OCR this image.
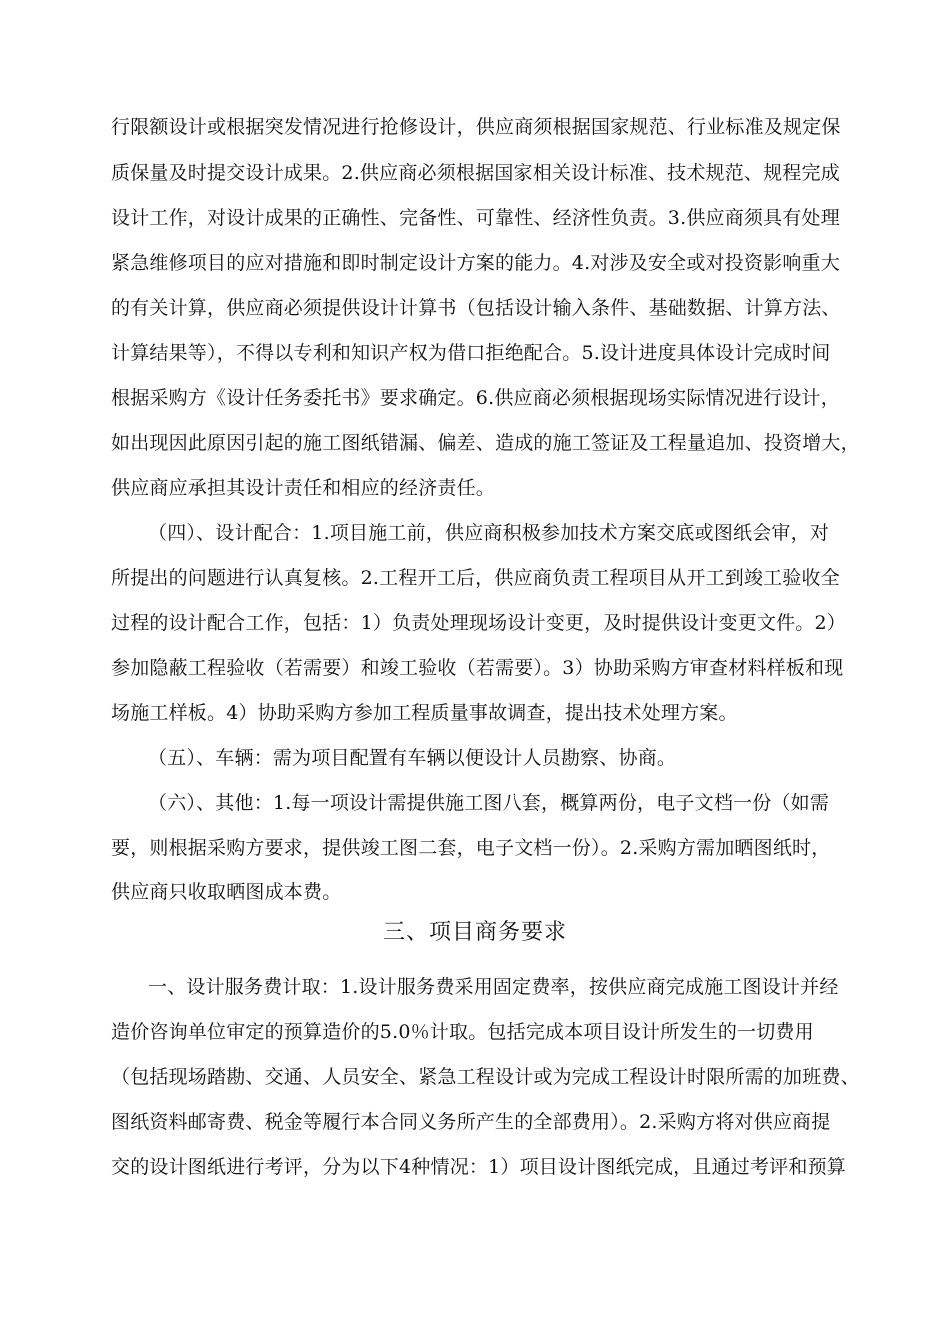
行限额设计或根据突发情况进行抢修设计，供应商须根据国家规范、行业标准及规定保
质保量及时提交设计成果。2.供应商必须根据国家相关设计标准、技术规范、规程完成
设计工作，对设计成果的正确性、完备性、可靠性、经济性负责。3.供应商须具有处理
紧急维修项目的应对措施和即时制定设计方案的能力。4.对涉及安全或对投资影响重大
的有关计算，供应商必须提供设计计算书（包括设计输入条件、基础数据、计算方法、
计算结果等），不得以专利和知识产权为借口拒绝配合。5.设计进度具体设计完成时间
根据采购方《设计任务委托书》要求确定。6.供应商必须根据现场实际情况进行设计，
如出现因此原因引起的施工图纸错漏、偏差、造成的施工签证及工程量追加、投资增大，
供应商应承担其设计责任和相应的经济责任。
（四）、设计配合：1.项目施工前，供应商积极参加技术方案交底或图纸会审，对
所提出的问题进行认真复核。2.工程开工后，供应商负责工程项目从开工到竣工验收全
过程的设计配合工作，包括：1）负责处理现场设计变更，及时提供设计变更文件。2）
参加隐蔽工程验收（若需要）和竣工验收（若需要）。3）协助采购方审查材料样板和现
场施工样板。4）协助采购方参加工程质量事故调查，提出技术处理方案。
（五）、车辆：需为项目配置有车辆以便设计人员勘察、协商。
（六）、其他：1.每一项设计需提供施工图八套，概算两份，电子文档一份（如需
要，则根据采购方要求，提供竣工图二套，电子文档一份）。2.采购方需加晒图纸时，
供应商只收取晒图成本费。
三、项目商务要求
一、设计服务费计取：1.设计服务费采用固定费率，按供应商完成施工图设计并经
造价咨询单位审定的预算造价的5.0％计取。包括完成本项目设计所发生的一切费用
（包括现场踏勘、交通、人员安全、紧急工程设计或为完成工程设计时限所需的加班费、
图纸资料邮寄费、税金等履行本合同义务所产生的全部费用）。2.采购方将对供应商提
交的设计图纸进行考评，分为以下4种情况：1）项目设计图纸完成，且通过考评和预算
